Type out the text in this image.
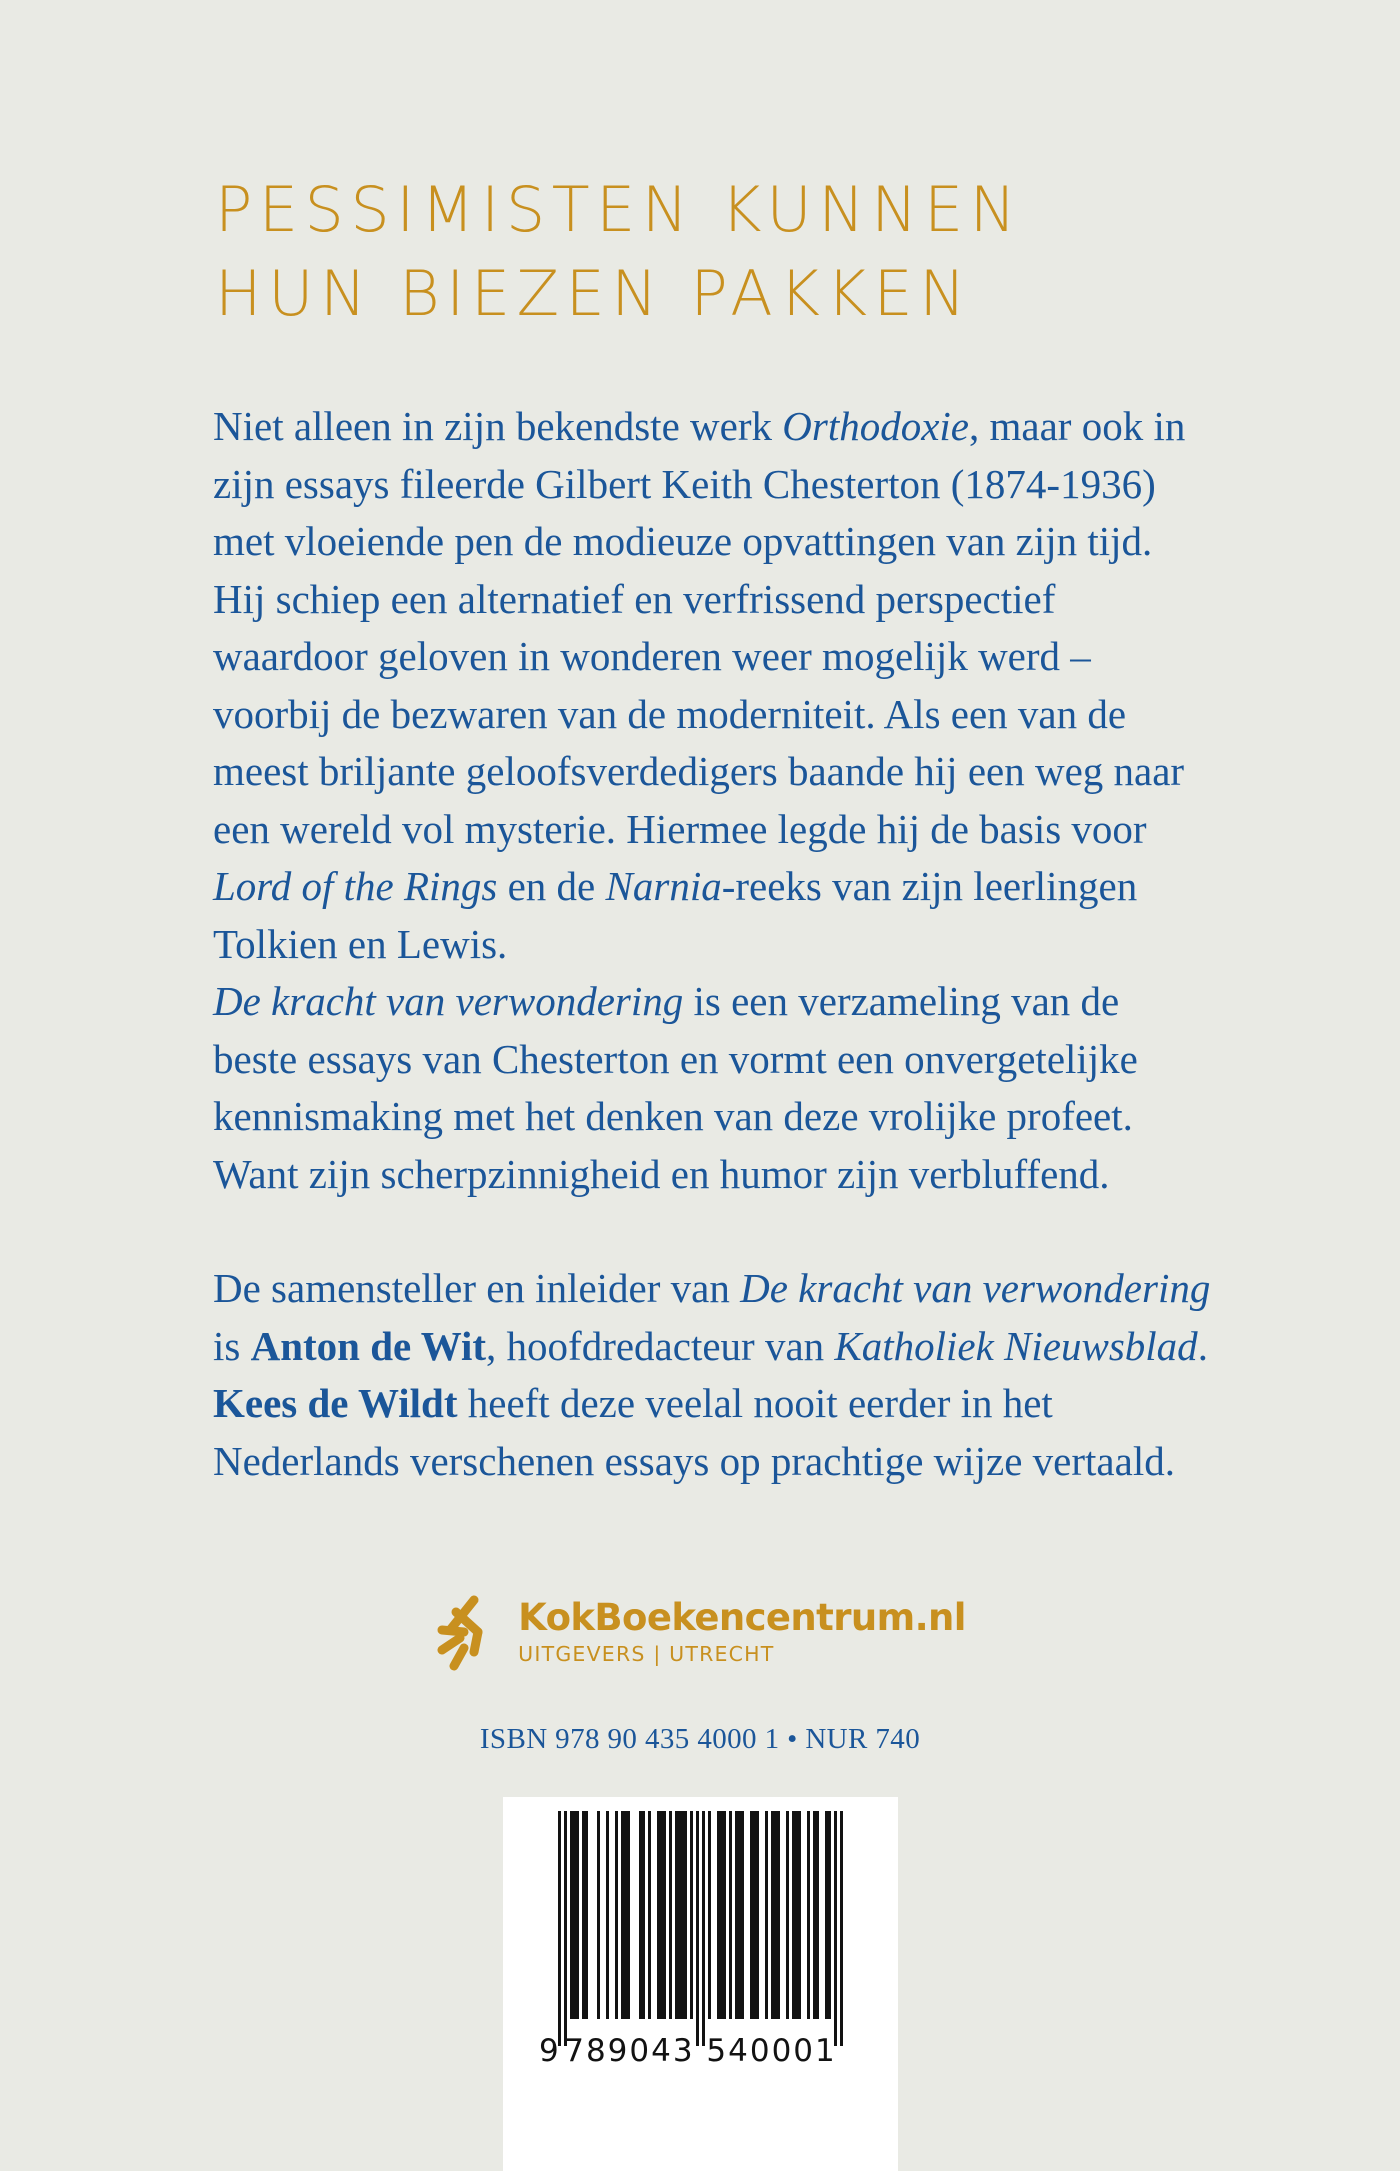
PESSIMISTEN KUNNEN
HUN BIEZEN PAKKEN

Niet alleen in zijn bekendste werk Orthodoxie, maar ook in zijn essays fileerde Gilbert Keith Chesterton (1874-1936) met vloeiende pen de modieuze opvattingen van zijn tijd. Hij schiep een alternatief en verfrissend perspectief waardoor geloven in wonderen weer mogelijk werd – voorbij de bezwaren van de moderniteit. Als een van de meest briljante geloofsverdedigers baande hij een weg naar een wereld vol mysterie. Hiermee legde hij de basis voor Lord of the Rings en de Narnia-reeks van zijn leerlingen Tolkien en Lewis.

De kracht van verwondering is een verzameling van de beste essays van Chesterton en vormt een onvergetelijke kennismaking met het denken van deze vrolijke profeet. Want zijn scherpzinnigheid en humor zijn verbluffend.

De samensteller en inleider van De kracht van verwondering is Anton de Wit, hoofdredacteur van Katholiek Nieuwsblad. Kees de Wildt heeft deze veelal nooit eerder in het Nederlands verschenen essays op prachtige wijze vertaald.

KokBoekencentrum.nl
UITGEVERS | UTRECHT
ISBN 978 90 435 4000 1 • NUR 740
9 789043 540001
